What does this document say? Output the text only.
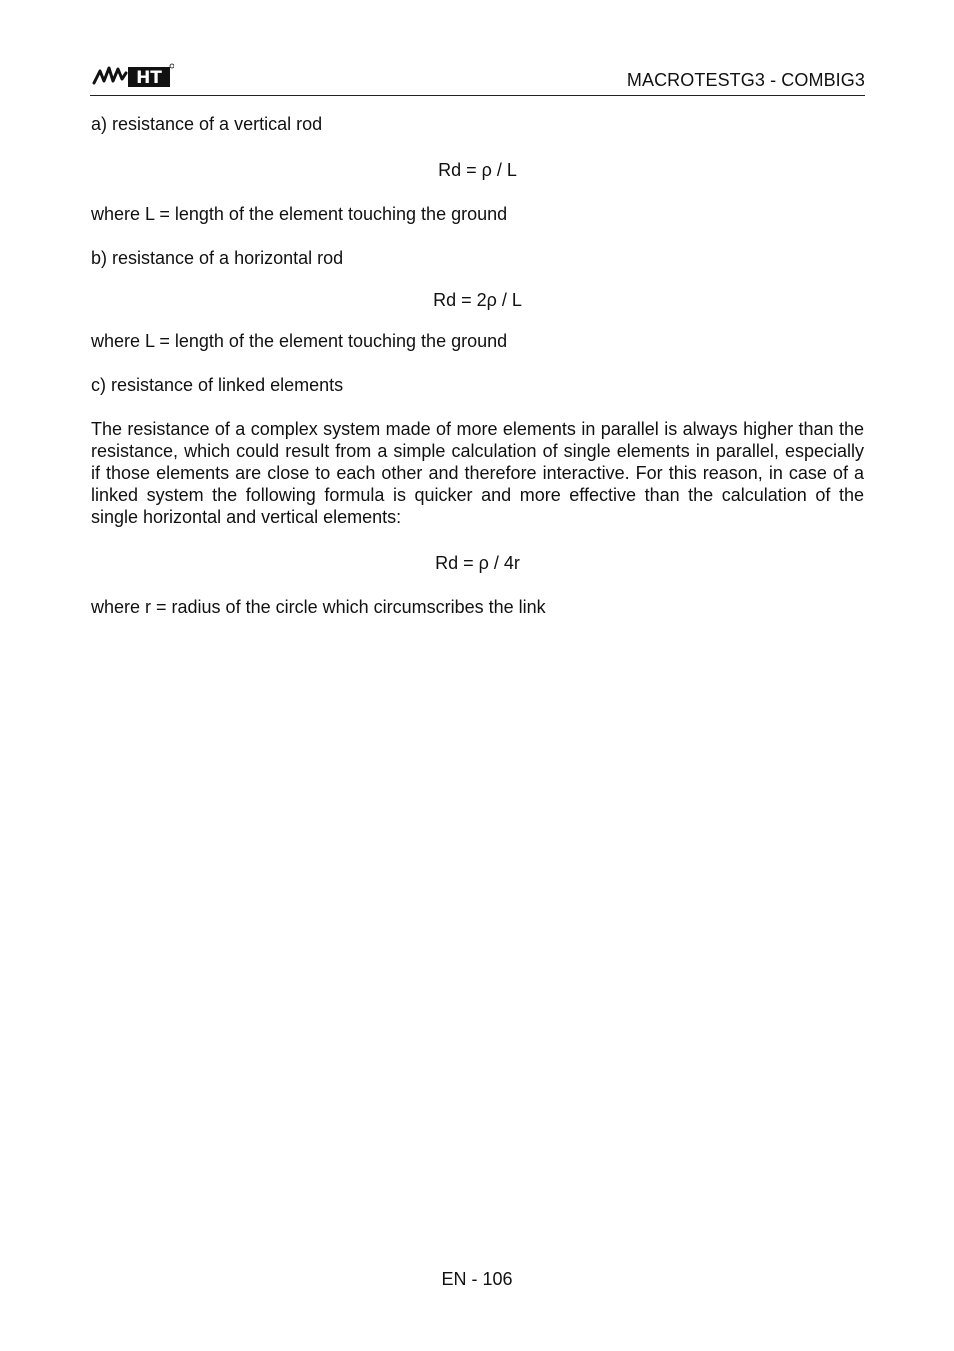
HT	MACROTESTG3 - COMBIG3

a) resistance of a vertical rod

Rd = ρ / L

where L = length of the element touching the ground

b) resistance of a horizontal rod

Rd = 2ρ / L

where L = length of the element touching the ground

c) resistance of linked elements

The resistance of a complex system made of more elements in parallel is always higher than the resistance, which could result from a simple calculation of single elements in parallel, especially if those elements are close to each other and therefore interactive. For this reason, in case of a linked system the following formula is quicker and more effective than the calculation of the single horizontal and vertical elements:

Rd = ρ / 4r

where r = radius of the circle which circumscribes the link

EN - 106
